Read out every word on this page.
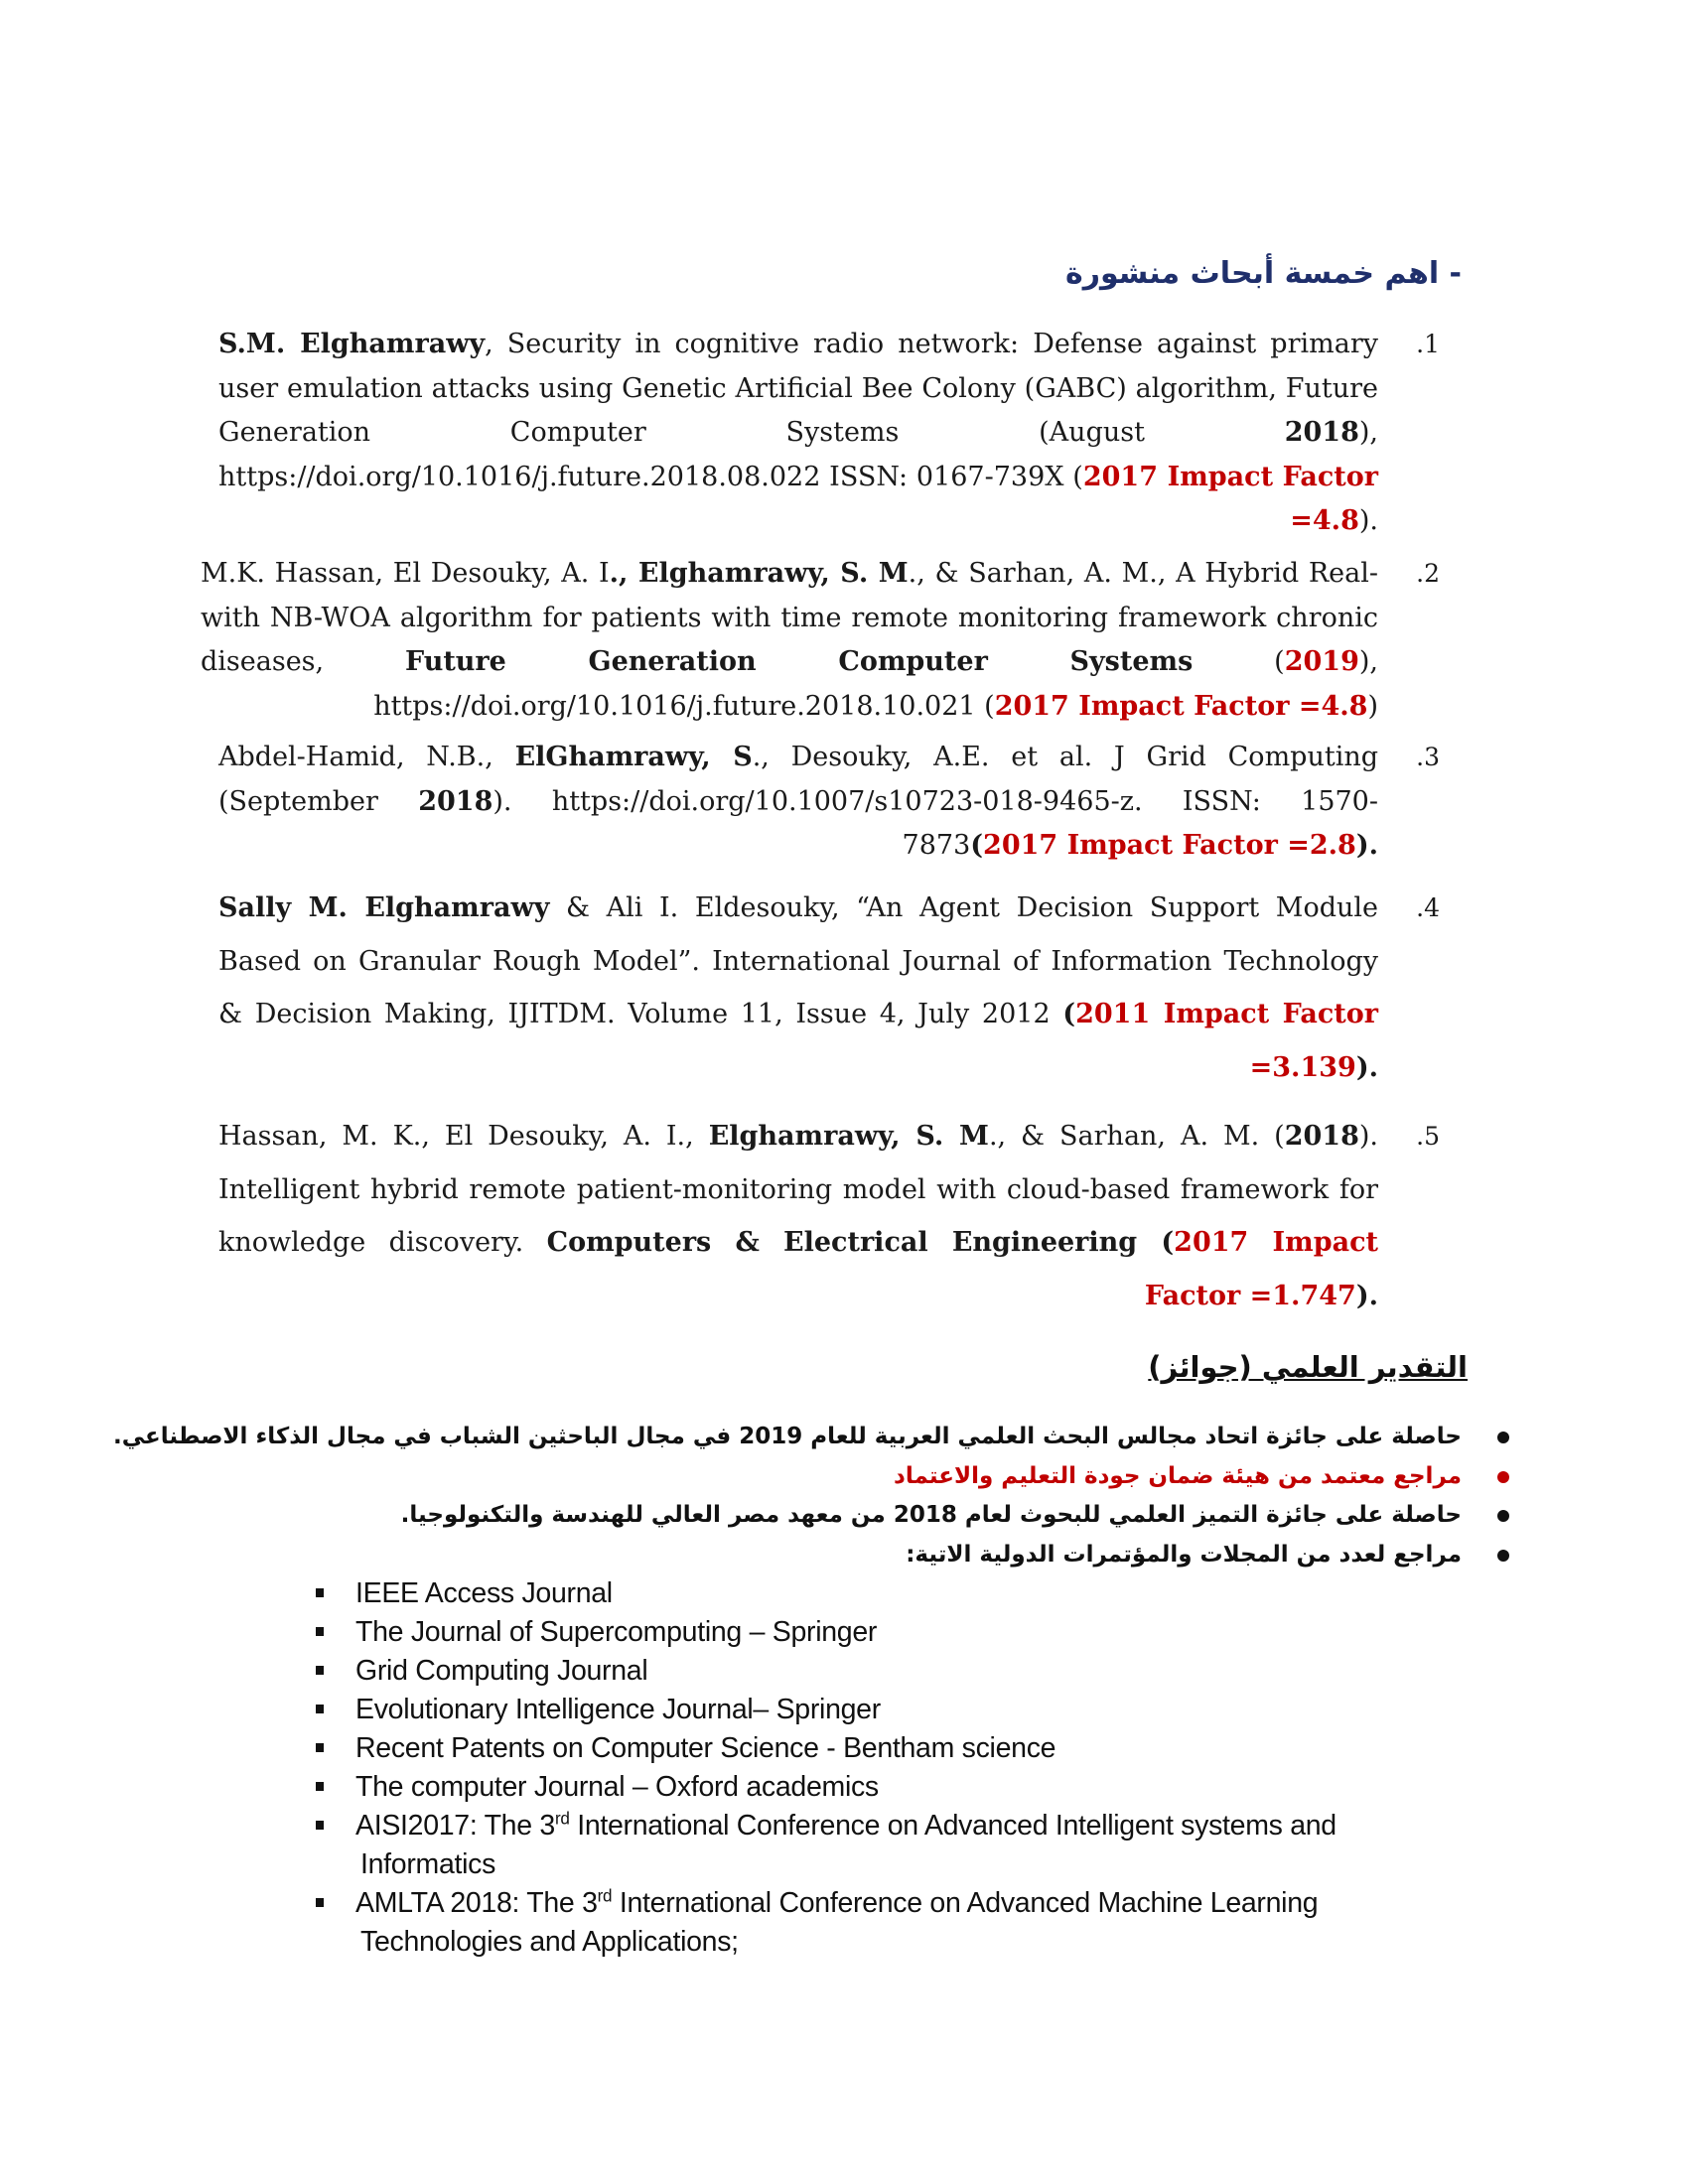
- اهم خمسة أبحاث منشورة
.1
S.M. Elghamrawy, Security in cognitive radio network: Defense against primary user emulation attacks using Genetic Artificial Bee Colony (GABC) algorithm, Future Generation Computer Systems (August 2018), https://doi.org/10.1016/j.future.2018.08.022 ISSN: 0167-739X (2017 Impact Factor =4.8).
.2
M.K. Hassan, El Desouky, A. I., Elghamrawy, S. M., & Sarhan, A. M., A Hybrid Real-with NB-WOA algorithm for patients with time remote monitoring framework chronic diseases, Future Generation Computer Systems (2019), https://doi.org/10.1016/j.future.2018.10.021 (2017 Impact Factor =4.8)
.3
Abdel-Hamid, N.B., ElGhamrawy, S., Desouky, A.E. et al. J Grid Computing (September 2018). https://doi.org/10.1007/s10723-018-9465-z. ISSN: 1570-7873(2017 Impact Factor =2.8).
.4
Sally M. Elghamrawy & Ali I. Eldesouky, “An Agent Decision Support Module Based on Granular Rough Model”. International Journal of Information Technology & Decision Making, IJITDM. Volume 11, Issue 4, July 2012 (2011 Impact Factor =3.139).
.5
Hassan, M. K., El Desouky, A. I., Elghamrawy, S. M., & Sarhan, A. M. (2018). Intelligent hybrid remote patient-monitoring model with cloud-based framework for knowledge discovery. Computers & Electrical Engineering (2017 Impact Factor =1.747).
التقدير العلمي (جوائز)
حاصلة على جائزة اتحاد مجالس البحث العلمي العربية للعام 2019 في مجال الباحثين الشباب في مجال الذكاء الاصطناعي.
مراجع معتمد من هيئة ضمان جودة التعليم والاعتماد
حاصلة على جائزة التميز العلمي للبحوث لعام 2018 من معهد مصر العالي للهندسة والتكنولوجيا.
مراجع لعدد من المجلات والمؤتمرات الدولية الاتية:
IEEE Access Journal
The Journal of Supercomputing – Springer
Grid Computing Journal
Evolutionary Intelligence Journal– Springer
Recent Patents on Computer Science - Bentham science
The computer Journal – Oxford academics
AISI2017: The 3rd International Conference on Advanced Intelligent systems and
Informatics
AMLTA 2018: The 3rd International Conference on Advanced Machine Learning
Technologies and Applications;
